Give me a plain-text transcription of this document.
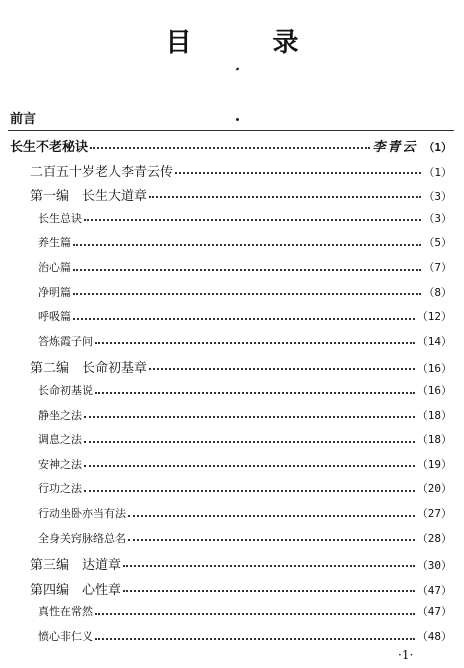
目 录
前言
长生不老秘诀	李青云 （1）
二百五十岁老人李青云传	（1）
第一编　长生大道章	（3）
长生总诀	（3）
养生篇	（5）
治心篇	（7）
净明篇	（8）
呼吸篇	（12）
答炼霞子问	（14）
第二编　长命初基章	（16）
长命初基说	（16）
静坐之法	（18）
调息之法	（18）
安神之法	（19）
行功之法	（20）
行动坐卧亦当有法	（27）
全身关窍脉络总名	（28）
第三编　达道章	（30）
第四编　心性章	（47）
真性在常然	（47）
愤心非仁义	（48）
·1·
